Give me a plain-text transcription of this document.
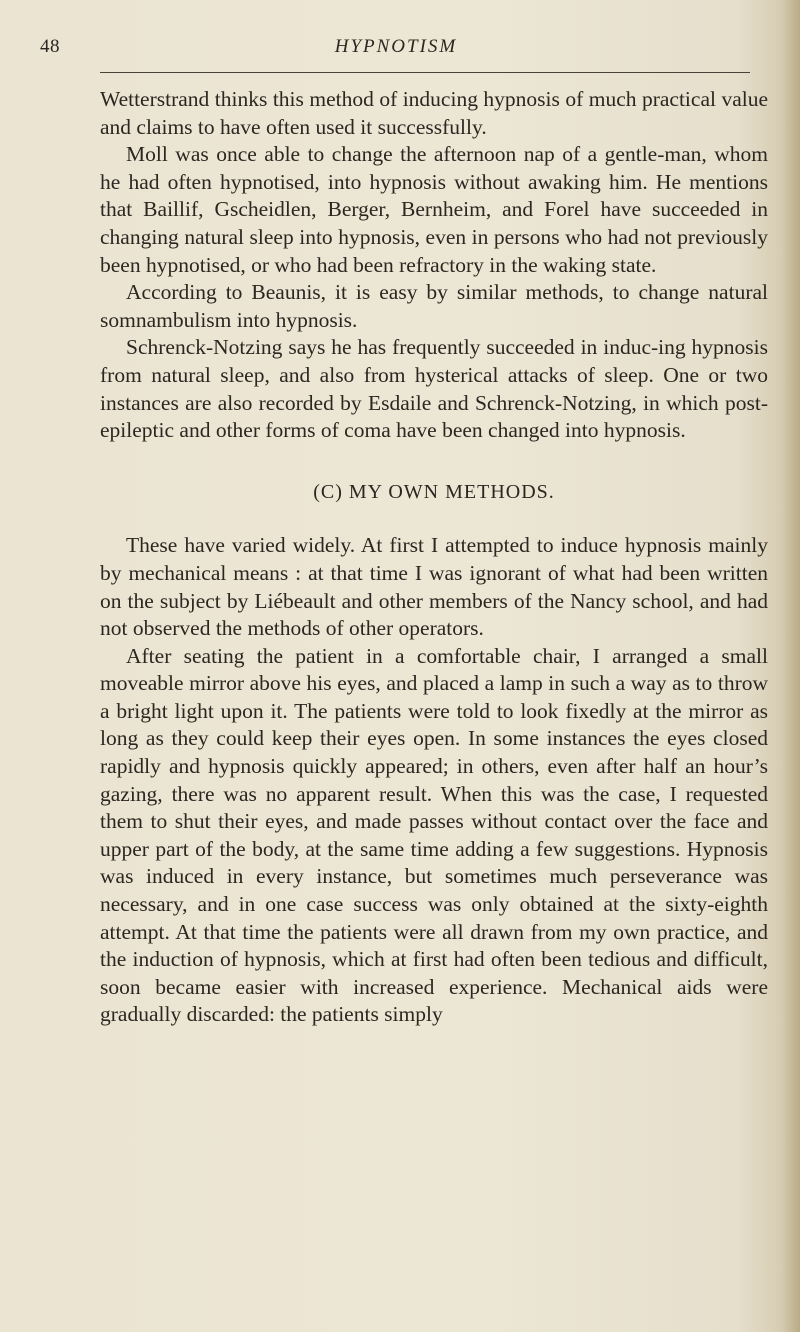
48	HYPNOTISM

Wetterstrand thinks this method of inducing hypnosis of much practical value and claims to have often used it successfully.

Moll was once able to change the afternoon nap of a gentle-man, whom he had often hypnotised, into hypnosis without awaking him. He mentions that Baillif, Gscheidlen, Berger, Bernheim, and Forel have succeeded in changing natural sleep into hypnosis, even in persons who had not previously been hypnotised, or who had been refractory in the waking state.

According to Beaunis, it is easy by similar methods, to change natural somnambulism into hypnosis.

Schrenck-Notzing says he has frequently succeeded in induc-ing hypnosis from natural sleep, and also from hysterical attacks of sleep. One or two instances are also recorded by Esdaile and Schrenck-Notzing, in which post-epileptic and other forms of coma have been changed into hypnosis.

(C) MY OWN METHODS.

These have varied widely. At first I attempted to induce hypnosis mainly by mechanical means : at that time I was ignorant of what had been written on the subject by Liébeault and other members of the Nancy school, and had not observed the methods of other operators.

After seating the patient in a comfortable chair, I arranged a small moveable mirror above his eyes, and placed a lamp in such a way as to throw a bright light upon it. The patients were told to look fixedly at the mirror as long as they could keep their eyes open. In some instances the eyes closed rapidly and hypnosis quickly appeared; in others, even after half an hour’s gazing, there was no apparent result. When this was the case, I requested them to shut their eyes, and made passes without contact over the face and upper part of the body, at the same time adding a few suggestions. Hypnosis was induced in every instance, but sometimes much perseverance was necessary, and in one case success was only obtained at the sixty-eighth attempt. At that time the patients were all drawn from my own practice, and the induction of hypnosis, which at first had often been tedious and difficult, soon became easier with increased experience. Mechanical aids were gradually discarded: the patients simply
